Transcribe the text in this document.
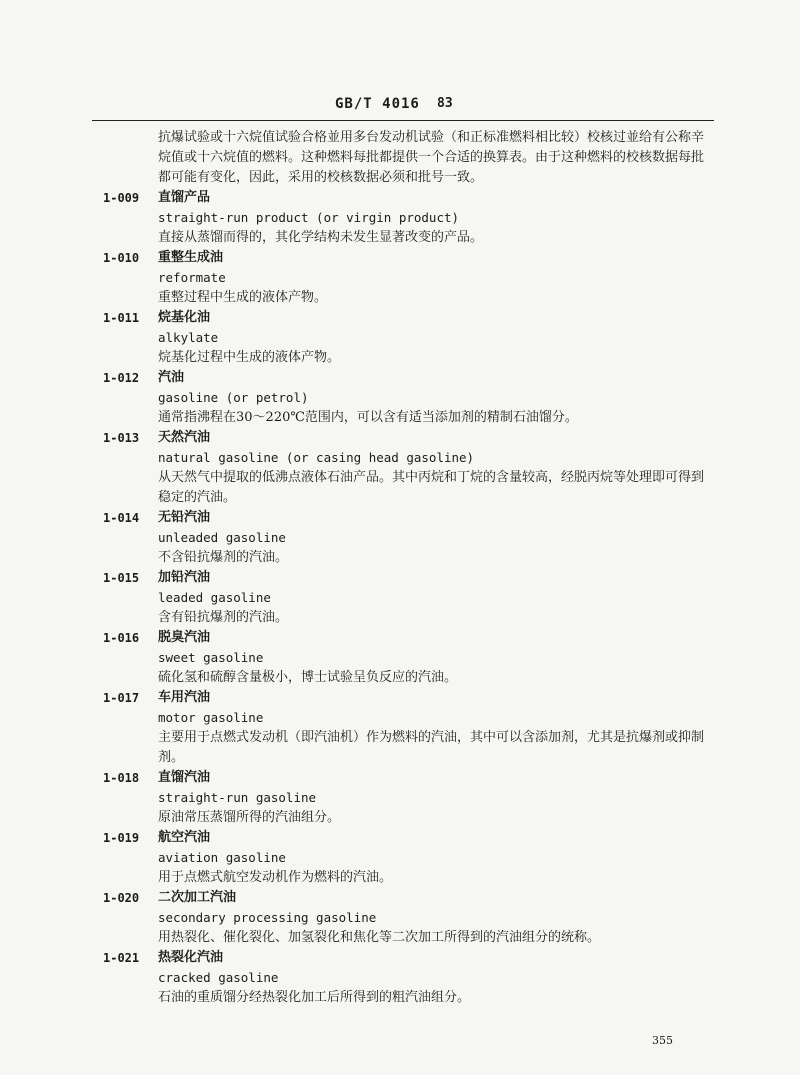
GB/T 4016 83
抗爆试验或十六烷值试验合格並用多台发动机试验（和正标准燃料相比较）校核过並给有公称辛烷值或十六烷值的燃料。这种燃料每批都提供一个合适的换算表。由于这种燃料的校核数据每批都可能有变化，因此，采用的校核数据必须和批号一致。
1-009 直馏产品
straight-run product (or virgin product)
直接从蒸馏而得的，其化学结构未发生显著改变的产品。
1-010 重整生成油
reformate
重整过程中生成的液体产物。
1-011 烷基化油
alkylate
烷基化过程中生成的液体产物。
1-012 汽油
gasoline (or petrol)
通常指沸程在30～220℃范围内，可以含有适当添加剂的精制石油馏分。
1-013 天然汽油
natural gasoline (or casing head gasoline)
从天然气中提取的低沸点液体石油产品。其中丙烷和丁烷的含量较高，经脱丙烷等处理即可得到稳定的汽油。
1-014 无铅汽油
unleaded gasoline
不含铅抗爆剂的汽油。
1-015 加铅汽油
leaded gasoline
含有铅抗爆剂的汽油。
1-016 脱臭汽油
sweet gasoline
硫化氢和硫醇含量极小，博士试验呈负反应的汽油。
1-017 车用汽油
motor gasoline
主要用于点燃式发动机（即汽油机）作为燃料的汽油，其中可以含添加剂，尤其是抗爆剂或抑制剂。
1-018 直馏汽油
straight-run gasoline
原油常压蒸馏所得的汽油组分。
1-019 航空汽油
aviation gasoline
用于点燃式航空发动机作为燃料的汽油。
1-020 二次加工汽油
secondary processing gasoline
用热裂化、催化裂化、加氢裂化和焦化等二次加工所得到的汽油组分的统称。
1-021 热裂化汽油
cracked gasoline
石油的重质馏分经热裂化加工后所得到的粗汽油组分。
355
